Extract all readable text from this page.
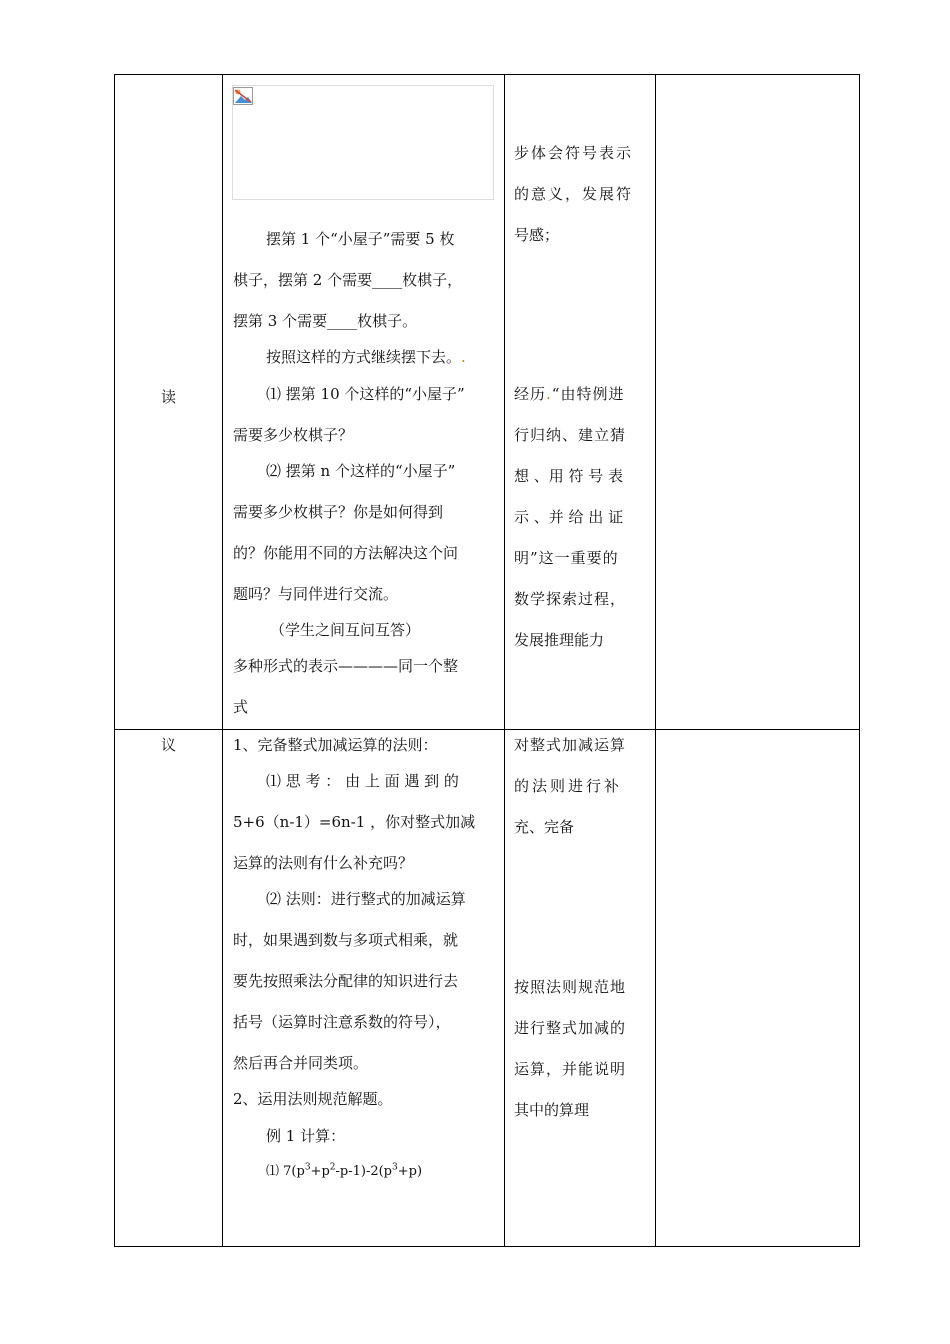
读
摆第 1 个“小屋子”需要 5 枚
棋子，摆第 2 个需要____枚棋子，
摆第 3 个需要____枚棋子。
按照这样的方式继续摆下去。.
⑴ 摆第 10 个这样的“小屋子”
需要多少枚棋子？
⑵ 摆第 n 个这样的“小屋子”
需要多少枚棋子？你是如何得到
的？你能用不同的方法解决这个问
题吗？与同伴进行交流。
（学生之间互问互答）
多种形式的表示————同一个整
式
步体会符号表示
的意义，发展符
号感；
经历.“由特例进
行归纳、建立猜
想 、用 符 号 表
示 、并 给 出 证
明”这一重要的
数学探索过程，
发展推理能力
议	1、完备整式加减运算的法则：
⑴ 思 考 ： 由 上 面 遇 到 的
5+6（n-1）=6n-1 ，你对整式加减
运算的法则有什么补充吗？
⑵ 法则：进行整式的加减运算
时，如果遇到数与多项式相乘，就
要先按照乘法分配律的知识进行去
括号（运算时注意系数的符号），
然后再合并同类项。
2、运用法则规范解题。
例 1 计算：
⑴ $7(p^3+p^2-p-1)-2(p^3+p)$
对整式加减运算
的法则进行补
充、完备
按照法则规范地
进行整式加减的
运算，并能说明
其中的算理
